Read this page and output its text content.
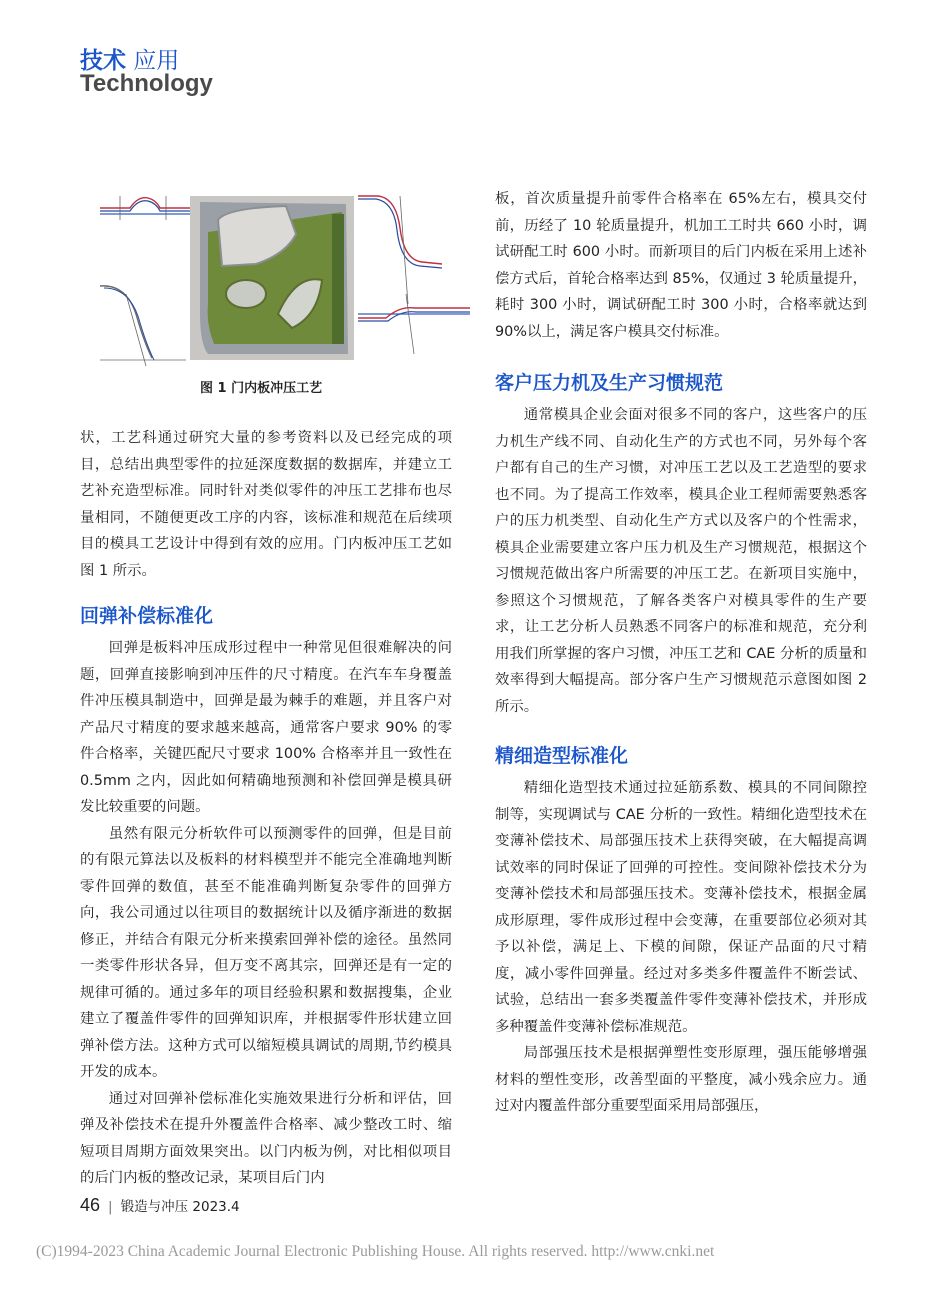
技术 应用
Technology
图 1 门内板冲压工艺

状，工艺科通过研究大量的参考资料以及已经完成的项目，总结出典型零件的拉延深度数据的数据库，并建立工艺补充造型标准。同时针对类似零件的冲压工艺排布也尽量相同，不随便更改工序的内容，该标准和规范在后续项目的模具工艺设计中得到有效的应用。门内板冲压工艺如图 1 所示。

回弹补偿标准化

回弹是板料冲压成形过程中一种常见但很难解决的问题，回弹直接影响到冲压件的尺寸精度。在汽车车身覆盖件冲压模具制造中，回弹是最为棘手的难题，并且客户对产品尺寸精度的要求越来越高，通常客户要求 90% 的零件合格率，关键匹配尺寸要求 100% 合格率并且一致性在 0.5mm 之内，因此如何精确地预测和补偿回弹是模具研发比较重要的问题。

虽然有限元分析软件可以预测零件的回弹，但是目前的有限元算法以及板料的材料模型并不能完全准确地判断零件回弹的数值，甚至不能准确判断复杂零件的回弹方向，我公司通过以往项目的数据统计以及循序渐进的数据修正，并结合有限元分析来摸索回弹补偿的途径。虽然同一类零件形状各异，但万变不离其宗，回弹还是有一定的规律可循的。通过多年的项目经验积累和数据搜集，企业建立了覆盖件零件的回弹知识库，并根据零件形状建立回弹补偿方法。这种方式可以缩短模具调试的周期,节约模具开发的成本。

通过对回弹补偿标准化实施效果进行分析和评估，回弹及补偿技术在提升外覆盖件合格率、减少整改工时、缩短项目周期方面效果突出。以门内板为例，对比相似项目的后门内板的整改记录，某项目后门内

板，首次质量提升前零件合格率在 65%左右，模具交付前，历经了 10 轮质量提升，机加工工时共 660 小时，调试研配工时 600 小时。而新项目的后门内板在采用上述补偿方式后，首轮合格率达到 85%，仅通过 3 轮质量提升，耗时 300 小时，调试研配工时 300 小时，合格率就达到 90%以上，满足客户模具交付标准。

客户压力机及生产习惯规范

通常模具企业会面对很多不同的客户，这些客户的压力机生产线不同、自动化生产的方式也不同，另外每个客户都有自己的生产习惯，对冲压工艺以及工艺造型的要求也不同。为了提高工作效率，模具企业工程师需要熟悉客户的压力机类型、自动化生产方式以及客户的个性需求，模具企业需要建立客户压力机及生产习惯规范，根据这个习惯规范做出客户所需要的冲压工艺。在新项目实施中，参照这个习惯规范，了解各类客户对模具零件的生产要求，让工艺分析人员熟悉不同客户的标准和规范，充分利用我们所掌握的客户习惯，冲压工艺和 CAE 分析的质量和效率得到大幅提高。部分客户生产习惯规范示意图如图 2 所示。

精细造型标准化

精细化造型技术通过拉延筋系数、模具的不同间隙控制等，实现调试与 CAE 分析的一致性。精细化造型技术在变薄补偿技术、局部强压技术上获得突破，在大幅提高调试效率的同时保证了回弹的可控性。变间隙补偿技术分为变薄补偿技术和局部强压技术。变薄补偿技术，根据金属成形原理，零件成形过程中会变薄，在重要部位必须对其予以补偿，满足上、下模的间隙，保证产品面的尺寸精度，减小零件回弹量。经过对多类多件覆盖件不断尝试、试验，总结出一套多类覆盖件零件变薄补偿技术，并形成多种覆盖件变薄补偿标准规范。

局部强压技术是根据弹塑性变形原理，强压能够增强材料的塑性变形，改善型面的平整度，减小残余应力。通过对内覆盖件部分重要型面采用局部强压，

46 | 锻造与冲压 2023.4
(C)1994-2023 China Academic Journal Electronic Publishing House. All rights reserved. http://www.cnki.net
